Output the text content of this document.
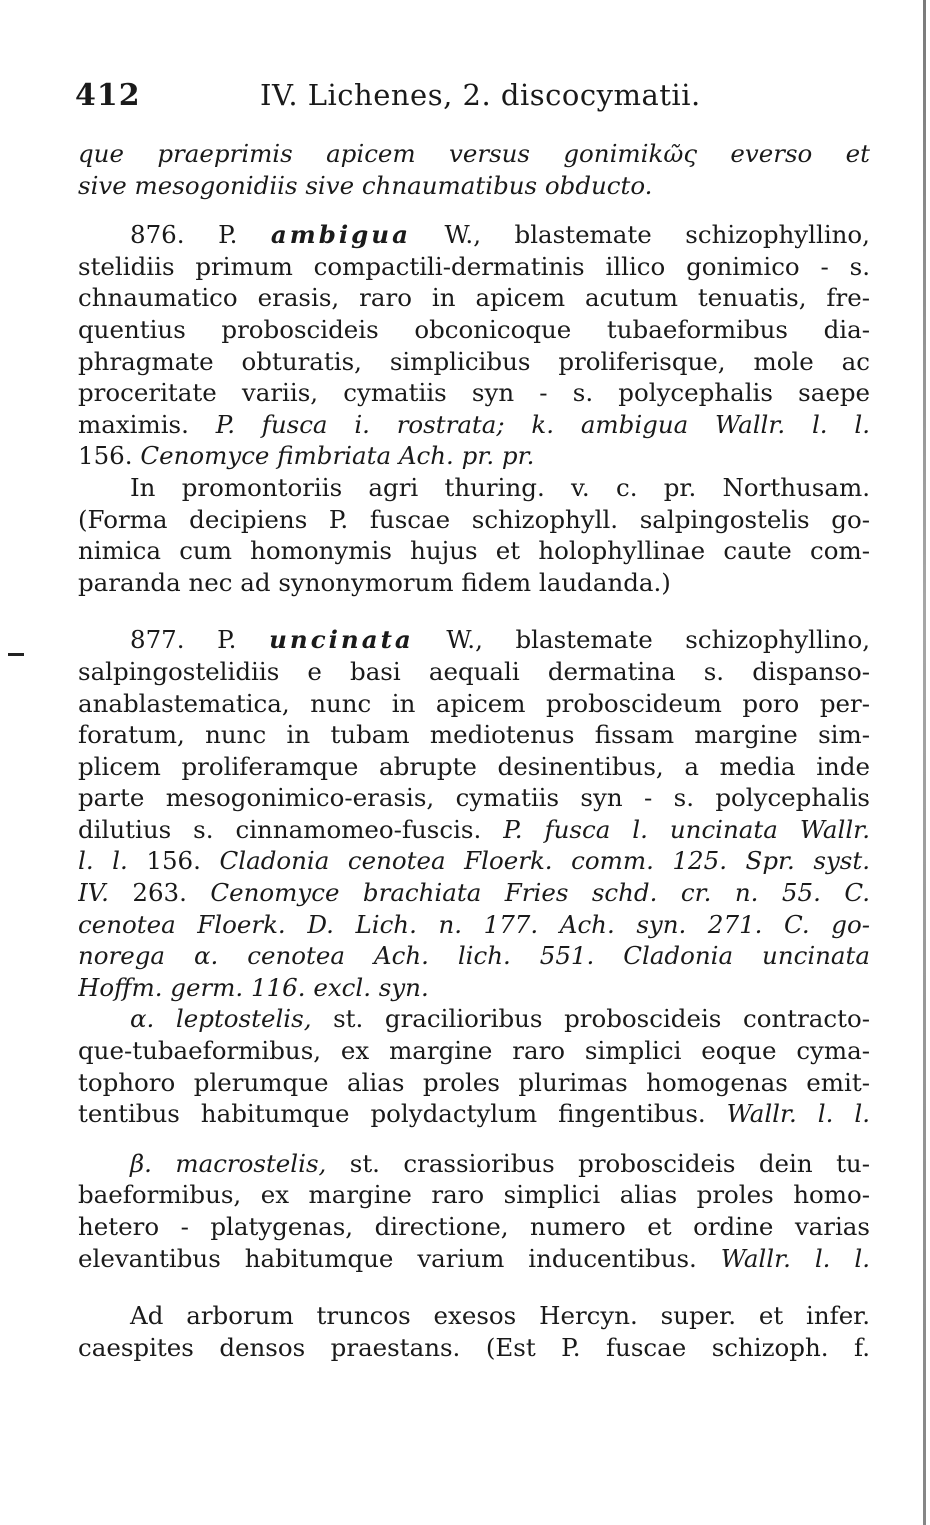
412	IV. Lichenes, 2. discocymatii.
que praeprimis apicem versus gonimikῶς everso et
sive mesogonidiis sive chnaumatibus obducto.
876. P. ambigua W., blastemate schizophyllino,
stelidiis primum compactili-dermatinis illico gonimico - s.
chnaumatico erasis, raro in apicem acutum tenuatis, fre-
quentius proboscideis obconicoque tubaeformibus dia-
phragmate obturatis, simplicibus proliferisque, mole ac
proceritate variis, cymatiis syn - s. polycephalis saepe
maximis. P. fusca i. rostrata; k. ambigua Wallr. l. l.
156. Cenomyce fimbriata Ach. pr. pr.
In promontoriis agri thuring. v. c. pr. Northusam.
(Forma decipiens P. fuscae schizophyll. salpingostelis go-
nimica cum homonymis hujus et holophyllinae caute com-
paranda nec ad synonymorum fidem laudanda.)
877. P. uncinata W., blastemate schizophyllino,
salpingostelidiis e basi aequali dermatina s. dispanso-
anablastematica, nunc in apicem proboscideum poro per-
foratum, nunc in tubam mediotenus fissam margine sim-
plicem proliferamque abrupte desinentibus, a media inde
parte mesogonimico-erasis, cymatiis syn - s. polycephalis
dilutius s. cinnamomeo-fuscis. P. fusca l. uncinata Wallr.
l. l. 156. Cladonia cenotea Floerk. comm. 125. Spr. syst.
IV. 263. Cenomyce brachiata Fries schd. cr. n. 55. C.
cenotea Floerk. D. Lich. n. 177. Ach. syn. 271. C. go-
norega α. cenotea Ach. lich. 551. Cladonia uncinata
Hoffm. germ. 116. excl. syn.
α. leptostelis, st. gracilioribus proboscideis contracto-
que-tubaeformibus, ex margine raro simplici eoque cyma-
tophoro plerumque alias proles plurimas homogenas emit-
tentibus habitumque polydactylum fingentibus. Wallr. l. l.
β. macrostelis, st. crassioribus proboscideis dein tu-
baeformibus, ex margine raro simplici alias proles homo-
hetero - platygenas, directione, numero et ordine varias
elevantibus habitumque varium inducentibus. Wallr. l. l.
Ad arborum truncos exesos Hercyn. super. et infer.
caespites densos praestans. (Est P. fuscae schizoph. f.
